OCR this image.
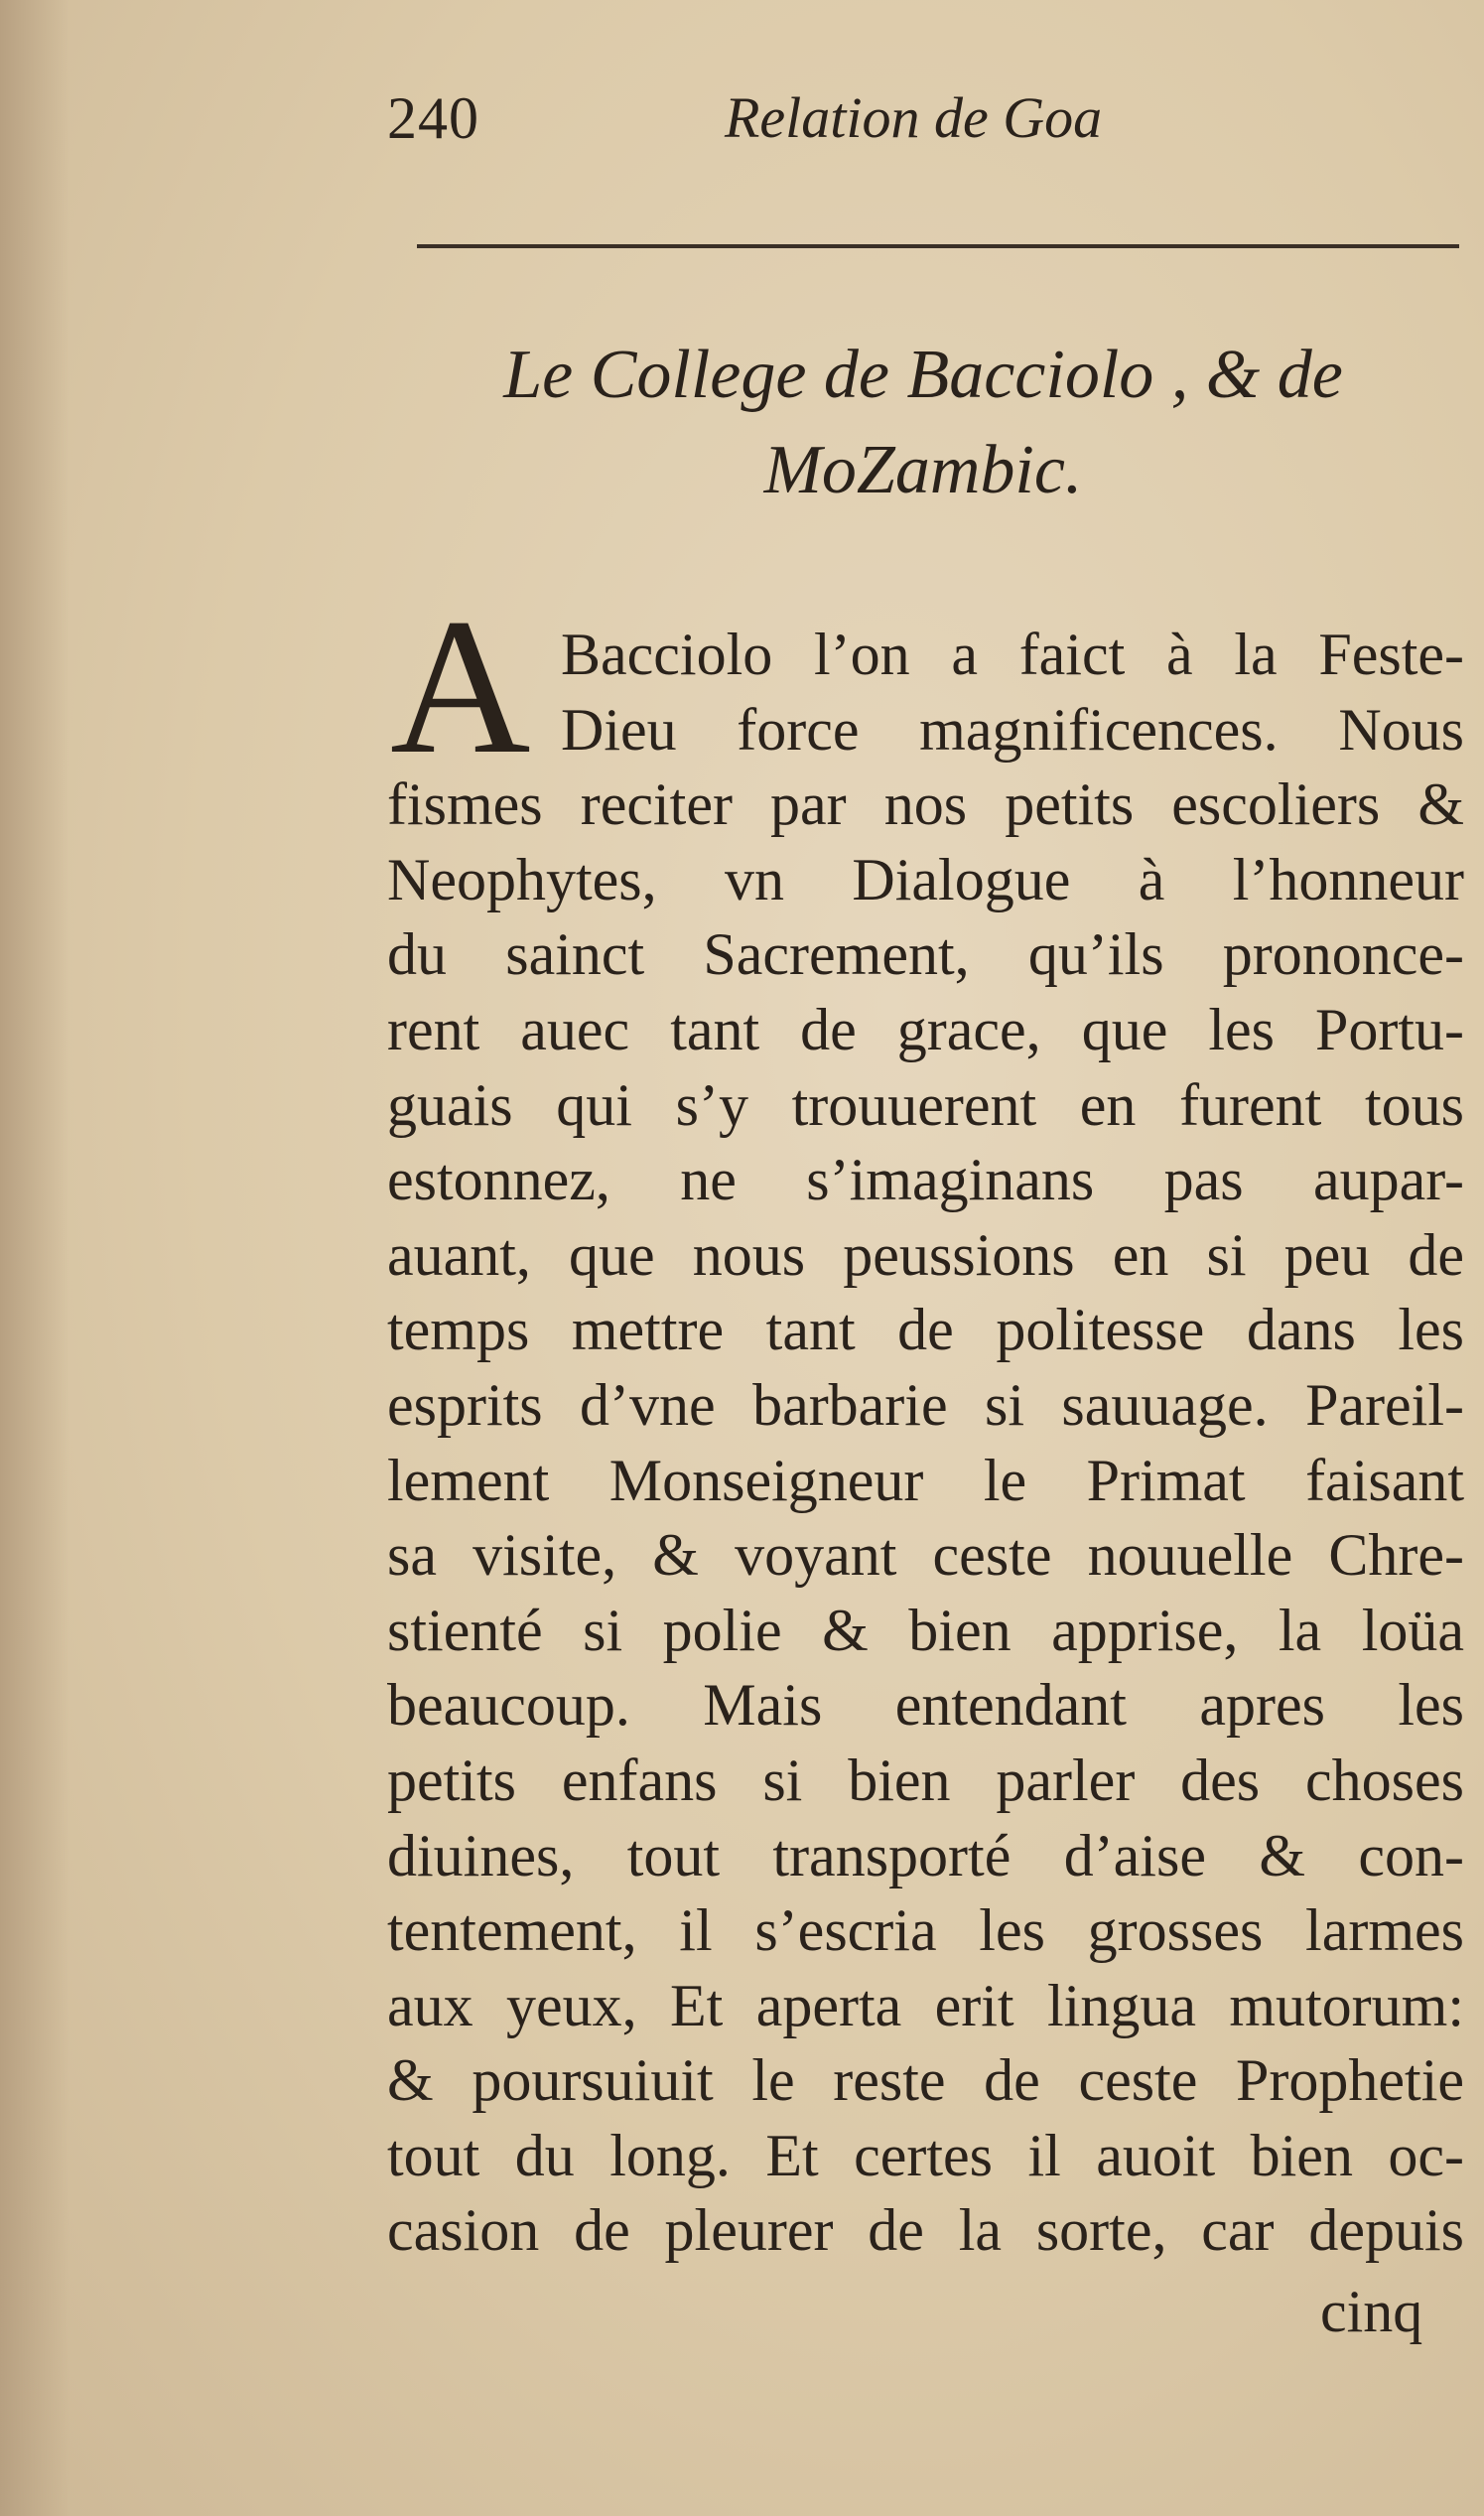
240	Relation de Goa
Le College de Bacciolo , & de
MoZambic.
A Bacciolo l’on a faict à la Feste-
Dieu force magnificences. Nous
fismes reciter par nos petits escoliers &
Neophytes, vn Dialogue à l’honneur
du sainct Sacrement, qu’ils prononce-
rent auec tant de grace, que les Portu-
guais qui s’y trouuerent en furent tous
estonnez, ne s’imaginans pas aupar-
auant, que nous peussions en si peu de
temps mettre tant de politesse dans les
esprits d’vne barbarie si sauuage. Pareil-
lement Monseigneur le Primat faisant
sa visite, & voyant ceste nouuelle Chre-
stienté si polie & bien apprise, la loüa
beaucoup. Mais entendant apres les
petits enfans si bien parler des choses
diuines, tout transporté d’aise & con-
tentement, il s’escria les grosses larmes
aux yeux, Et aperta erit lingua mutorum:
& poursuiuit le reste de ceste Prophetie
tout du long. Et certes il auoit bien oc-
casion de pleurer de la sorte, car depuis
cinq
